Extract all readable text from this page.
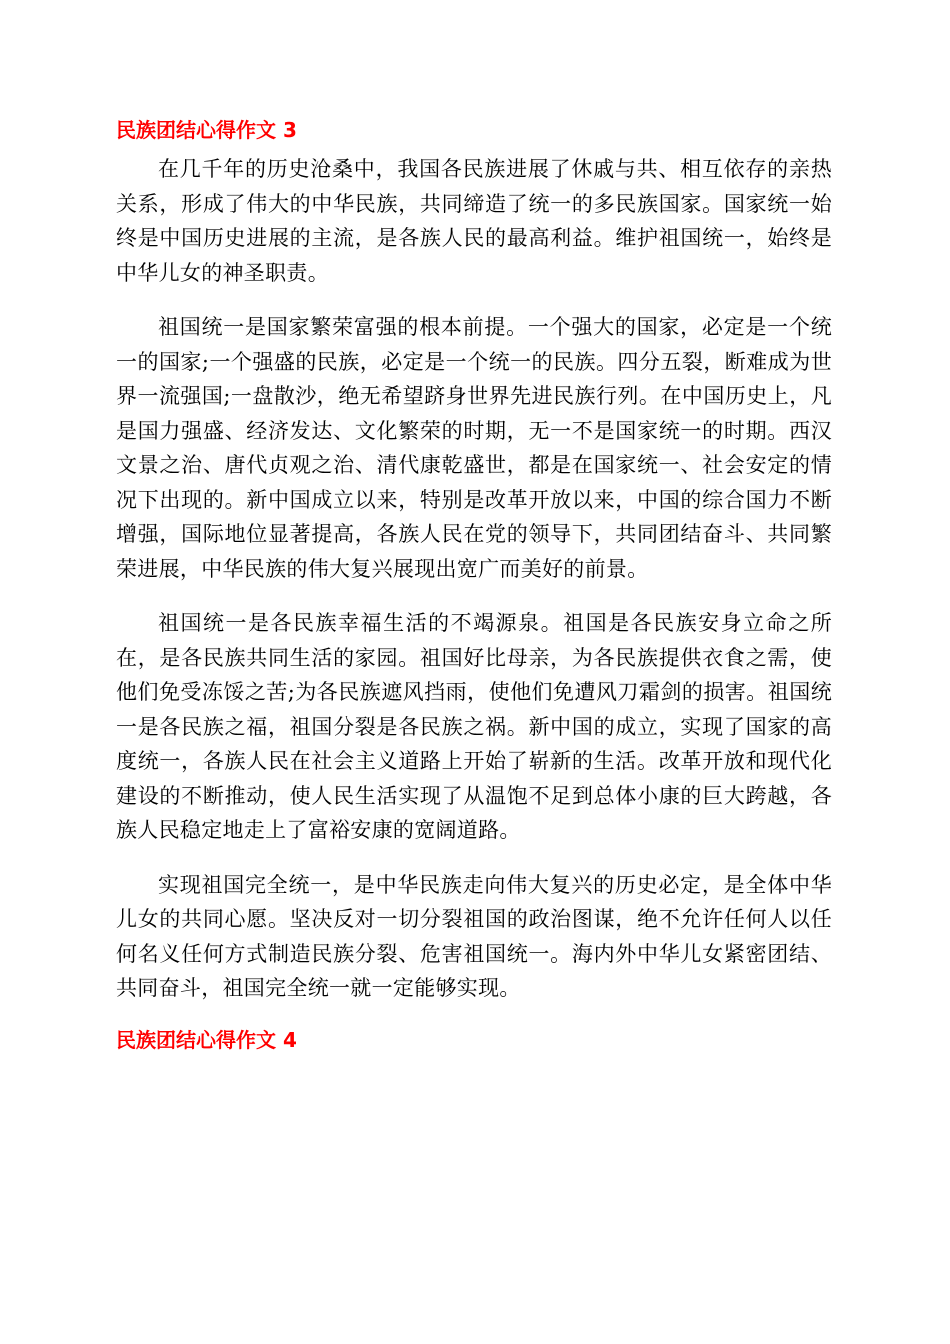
民族团结心得作文 3

在几千年的历史沧桑中，我国各民族进展了休戚与共、相互依存的亲热关系，形成了伟大的中华民族，共同缔造了统一的多民族国家。国家统一始终是中国历史进展的主流，是各族人民的最高利益。维护祖国统一，始终是中华儿女的神圣职责。

祖国统一是国家繁荣富强的根本前提。一个强大的国家，必定是一个统一的国家;一个强盛的民族，必定是一个统一的民族。四分五裂，断难成为世界一流强国;一盘散沙，绝无希望跻身世界先进民族行列。在中国历史上，凡是国力强盛、经济发达、文化繁荣的时期，无一不是国家统一的时期。西汉文景之治、唐代贞观之治、清代康乾盛世，都是在国家统一、社会安定的情况下出现的。新中国成立以来，特别是改革开放以来，中国的综合国力不断增强，国际地位显著提高，各族人民在党的领导下，共同团结奋斗、共同繁荣进展，中华民族的伟大复兴展现出宽广而美好的前景。

祖国统一是各民族幸福生活的不竭源泉。祖国是各民族安身立命之所在，是各民族共同生活的家园。祖国好比母亲，为各民族提供衣食之需，使他们免受冻馁之苦;为各民族遮风挡雨，使他们免遭风刀霜剑的损害。祖国统一是各民族之福，祖国分裂是各民族之祸。新中国的成立，实现了国家的高度统一，各族人民在社会主义道路上开始了崭新的生活。改革开放和现代化建设的不断推动，使人民生活实现了从温饱不足到总体小康的巨大跨越，各族人民稳定地走上了富裕安康的宽阔道路。

实现祖国完全统一，是中华民族走向伟大复兴的历史必定，是全体中华儿女的共同心愿。坚决反对一切分裂祖国的政治图谋，绝不允许任何人以任何名义任何方式制造民族分裂、危害祖国统一。海内外中华儿女紧密团结、共同奋斗，祖国完全统一就一定能够实现。

民族团结心得作文 4
